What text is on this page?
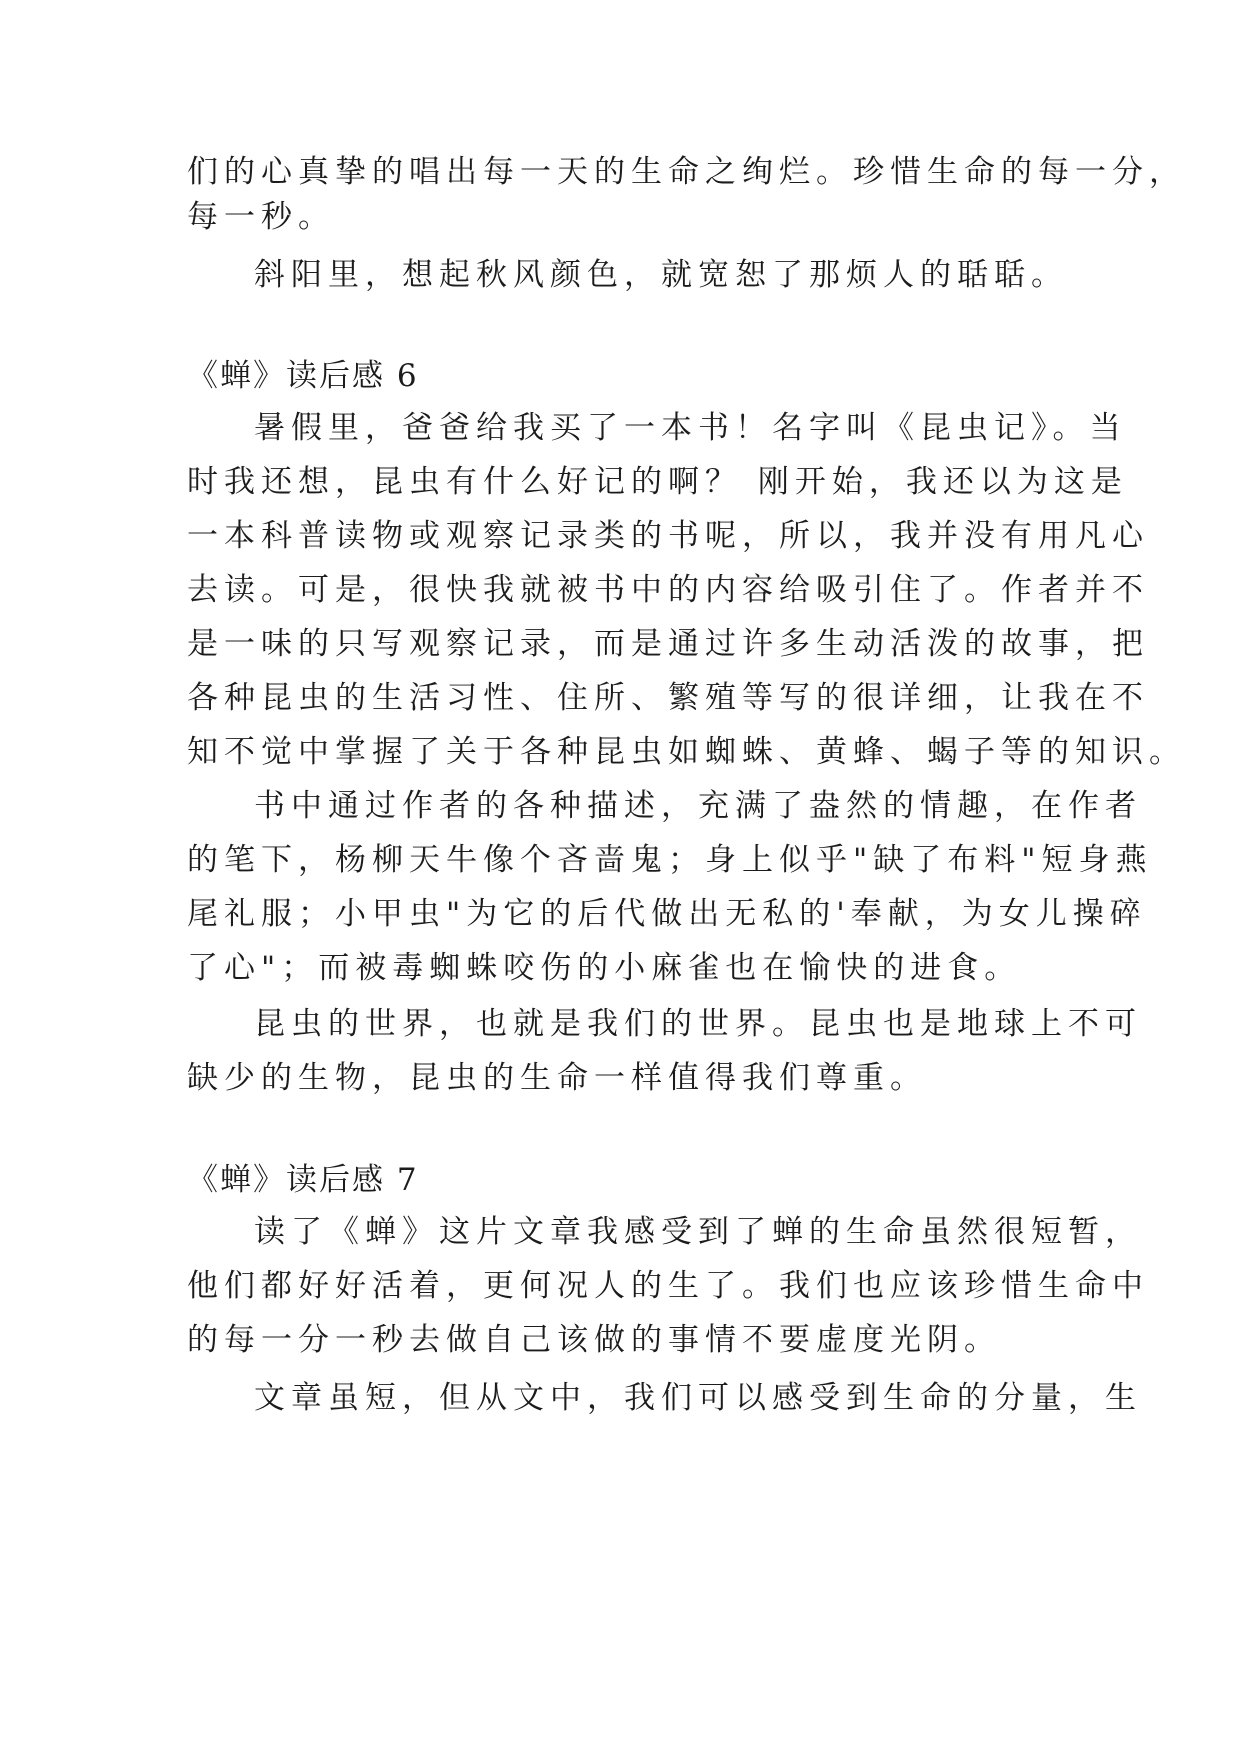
们的心真挚的唱出每一天的生命之绚烂。珍惜生命的每一分，

每一秒。

斜阳里，想起秋风颜色，就宽恕了那烦人的聒聒。

《蝉》读后感 6

暑假里，爸爸给我买了一本书！名字叫《昆虫记》。当

时我还想，昆虫有什么好记的啊？ 刚开始，我还以为这是

一本科普读物或观察记录类的书呢，所以，我并没有用凡心

去读。可是，很快我就被书中的内容给吸引住了。作者并不

是一味的只写观察记录，而是通过许多生动活泼的故事，把

各种昆虫的生活习性、住所、繁殖等写的很详细，让我在不

知不觉中掌握了关于各种昆虫如蜘蛛、黄蜂、蝎子等的知识。

书中通过作者的各种描述，充满了盎然的情趣，在作者

的笔下，杨柳天牛像个吝啬鬼；身上似乎"缺了布料"短身燕

尾礼服；小甲虫"为它的后代做出无私的'奉献，为女儿操碎

了心"；而被毒蜘蛛咬伤的小麻雀也在愉快的进食。

昆虫的世界，也就是我们的世界。昆虫也是地球上不可

缺少的生物，昆虫的生命一样值得我们尊重。

《蝉》读后感 7

读了《蝉》这片文章我感受到了蝉的生命虽然很短暂，

他们都好好活着，更何况人的生了。我们也应该珍惜生命中

的每一分一秒去做自己该做的事情不要虚度光阴。

文章虽短，但从文中，我们可以感受到生命的分量，生
